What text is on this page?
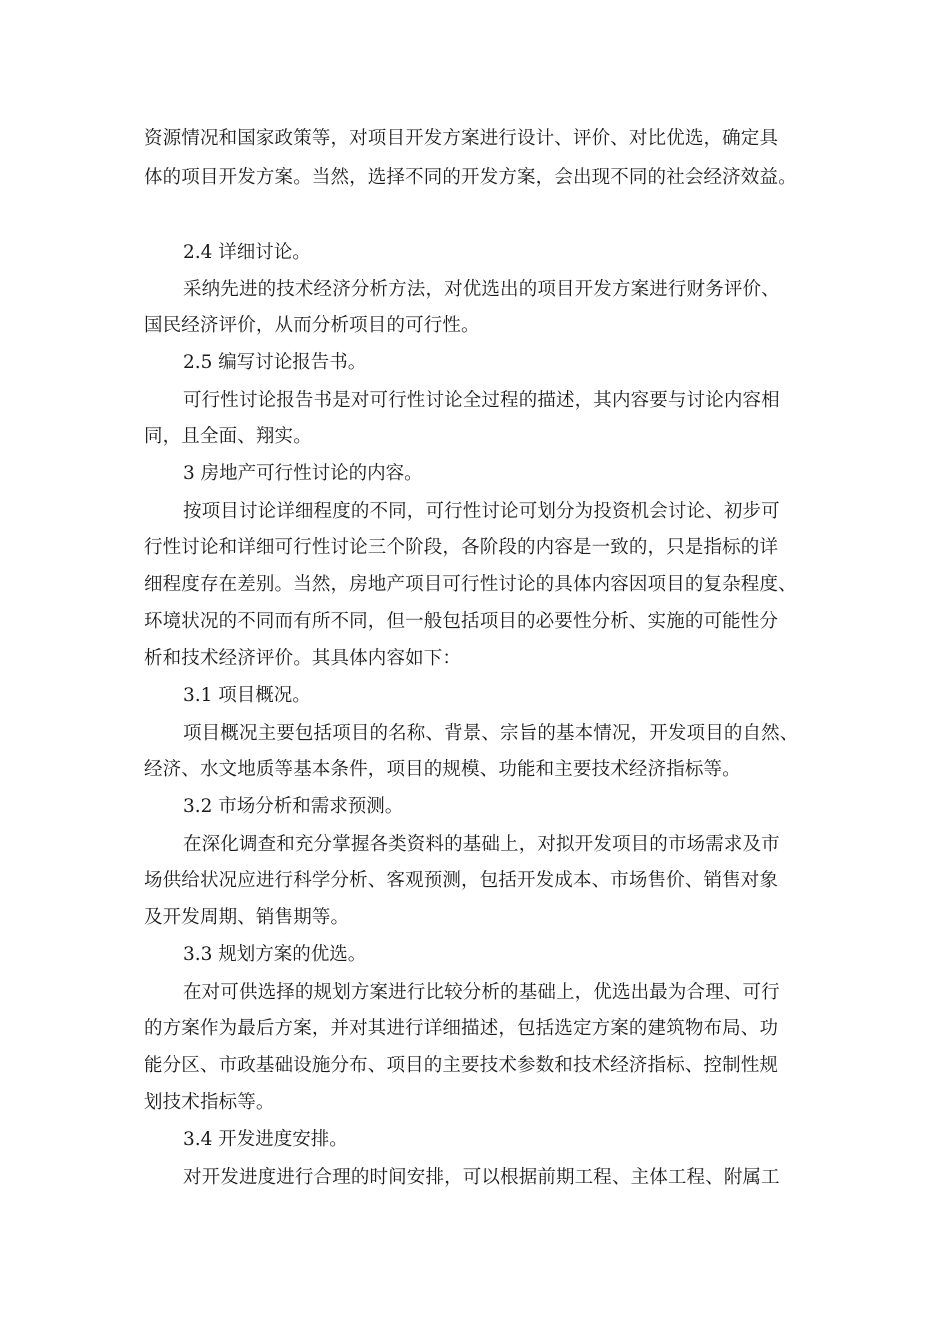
资源情况和国家政策等，对项目开发方案进行设计、评价、对比优选，确定具
体的项目开发方案。当然，选择不同的开发方案，会出现不同的社会经济效益。
2.4 详细讨论。
采纳先进的技术经济分析方法，对优选出的项目开发方案进行财务评价、
国民经济评价，从而分析项目的可行性。
2.5 编写讨论报告书。
可行性讨论报告书是对可行性讨论全过程的描述，其内容要与讨论内容相
同，且全面、翔实。
3 房地产可行性讨论的内容。
按项目讨论详细程度的不同，可行性讨论可划分为投资机会讨论、初步可
行性讨论和详细可行性讨论三个阶段，各阶段的内容是一致的，只是指标的详
细程度存在差别。当然，房地产项目可行性讨论的具体内容因项目的复杂程度、
环境状况的不同而有所不同，但一般包括项目的必要性分析、实施的可能性分
析和技术经济评价。其具体内容如下：
3.1 项目概况。
项目概况主要包括项目的名称、背景、宗旨的基本情况，开发项目的自然、
经济、水文地质等基本条件，项目的规模、功能和主要技术经济指标等。
3.2 市场分析和需求预测。
在深化调查和充分掌握各类资料的基础上，对拟开发项目的市场需求及市
场供给状况应进行科学分析、客观预测，包括开发成本、市场售价、销售对象
及开发周期、销售期等。
3.3 规划方案的优选。
在对可供选择的规划方案进行比较分析的基础上，优选出最为合理、可行
的方案作为最后方案，并对其进行详细描述，包括选定方案的建筑物布局、功
能分区、市政基础设施分布、项目的主要技术参数和技术经济指标、控制性规
划技术指标等。
3.4 开发进度安排。
对开发进度进行合理的时间安排，可以根据前期工程、主体工程、附属工
